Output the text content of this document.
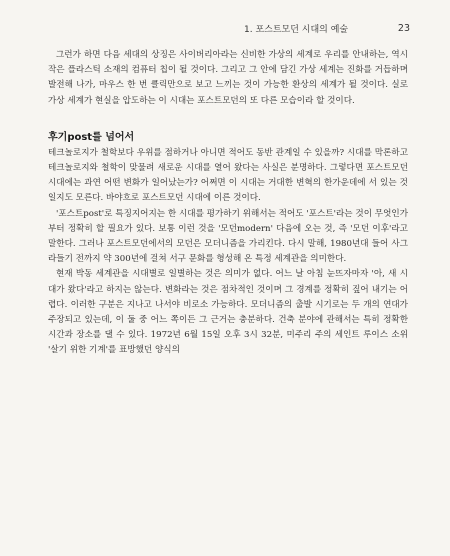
1. 포스트모던 시대의 예술	23

그런가 하면 다음 세대의 상징은 사이버리아라는 신비한 가상의 세계로 우리를 안내하는, 역시 작은 플라스틱 소재의 컴퓨터 칩이 될 것이다. 그리고 그 안에 담긴 가상 세계는 진화를 거듭하며 발전해 나가, 마우스 한 번 클릭만으로 보고 느끼는 것이 가능한 환상의 세계가 될 것이다. 실로 가상 세계가 현실을 압도하는 이 시대는 포스트모던의 또 다른 모습이라 할 것이다.

후기post를 넘어서

테크놀로지가 철학보다 우위를 점하거나 아니면 적어도 동반 관계일 수 있을까? 시대를 막론하고 테크놀로지와 철학이 맞물려 새로운 시대를 열어 왔다는 사실은 분명하다. 그렇다면 포스트모던 시대에는 과연 어떤 변화가 일어났는가? 어쩌면 이 시대는 거대한 변혁의 한가운데에 서 있는 것일지도 모른다. 바야흐로 포스트모던 시대에 이른 것이다.

'포스트post'로 특징지어지는 한 시대를 평가하기 위해서는 적어도 '포스트'라는 것이 무엇인가부터 정확히 할 필요가 있다. 보통 이런 것을 '모던modern' 다음에 오는 것, 즉 '모던 이후'라고 말한다. 그러나 포스트모던에서의 모던은 모더니즘을 가리킨다. 다시 말해, 1980년대 들어 사그라들기 전까지 약 300년에 걸쳐 서구 문화를 형성해 온 특정 세계관을 의미한다.

현재 박동 세계관을 시대별로 일별하는 것은 의미가 없다. 어느 날 아침 눈뜨자마자 '아, 새 시대가 왔다'라고 하지는 않는다. 변화라는 것은 점차적인 것이며 그 경계를 정확히 짚어 내기는 어렵다. 이러한 구분은 지나고 나서야 비로소 가능하다. 모더니즘의 출발 시기로는 두 개의 연대가 주장되고 있는데, 이 둘 중 어느 쪽이든 그 근거는 충분하다. 건축 분야에 관해서는 특히 정확한 시간과 장소를 댈 수 있다. 1972년 6월 15일 오후 3시 32분, 미주리 주의 세인트 루이스 소위 '살기 위한 기계'를 표방했던 양식의
